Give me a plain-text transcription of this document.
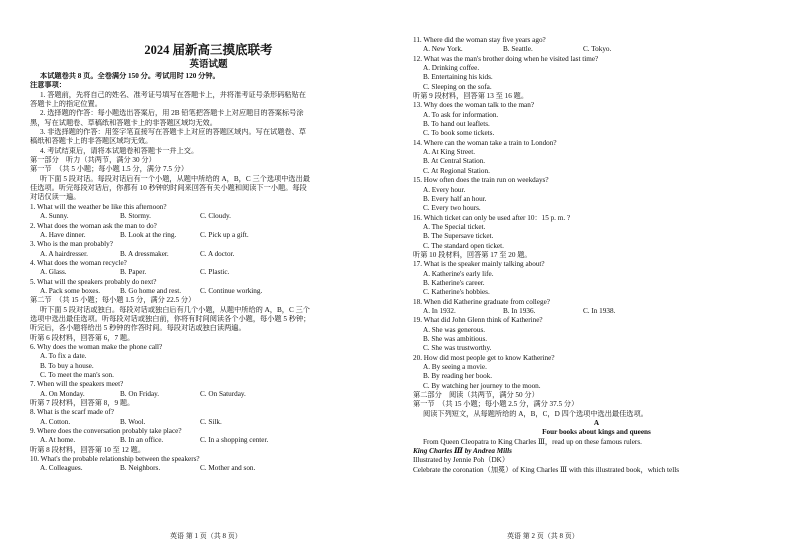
2024 届新高三摸底联考
英语试题
本试题卷共 8 页。全卷满分 150 分。考试用时 120 分钟。
注意事项：
1. 答题前，先将自己的姓名、准考证号填写在答题卡上，并将准考证号条形码粘贴在
答题卡上的指定位置。
2. 选择题的作答：每小题选出答案后，用 2B 铅笔把答题卡上对应题目的答案标号涂
黑，写在试题卷、草稿纸和答题卡上的非答题区域均无效。
3. 非选择题的作答：用签字笔直接写在答题卡上对应的答题区域内。写在试题卷、草
稿纸和答题卡上的非答题区域均无效。
4. 考试结束后，请将本试题卷和答题卡一并上交。
第一部分　听力（共两节，满分 30 分）
第一节　（共 5 小题；每小题 1.5 分，满分 7.5 分）
听下面 5 段对话。每段对话后有一个小题，从题中所给的 A，B，C 三个选项中选出最
佳选项。听完每段对话后，你都有 10 秒钟的时间来回答有关小题和阅读下一小题。每段
对话仅读一遍。
1. What will the weather be like this afternoon?
A. Sunny.	B. Stormy.	C. Cloudy.
2. What does the woman ask the man to do?
A. Have dinner.	B. Look at the ring.	C. Pick up a gift.
3. Who is the man probably?
A. A hairdresser.	B. A dressmaker.	C. A doctor.
4. What does the woman recycle?
A. Glass.	B. Paper.	C. Plastic.
5. What will the speakers probably do next?
A. Pack some boxes.	B. Go home and rest.	C. Continue working.
第二节　（共 15 小题；每小题 1.5 分，满分 22.5 分）
听下面 5 段对话或独白。每段对话或独白后有几个小题，从题中所给的 A，B，C 三个
选项中选出最佳选项。听每段对话或独白前，你将有时间阅读各个小题，每小题 5 秒钟；
听完后，各小题将给出 5 秒钟的作答时间。每段对话或独白读两遍。
听第 6 段材料，回答第 6，7 题。
6. Why does the woman make the phone call?
A. To fix a date.
B. To buy a house.
C. To meet the man's son.
7. When will the speakers meet?
A. On Monday.	B. On Friday.	C. On Saturday.
听第 7 段材料，回答第 8，9 题。
8. What is the scarf made of?
A. Cotton.	B. Wool.	C. Silk.
9. Where does the conversation probably take place?
A. At home.	B. In an office.	C. In a shopping center.
听第 8 段材料，回答第 10 至 12 题。
10. What's the probable relationship between the speakers?
A. Colleagues.	B. Neighbors.	C. Mother and son.
英语 第 1 页（共 8 页）
11. Where did the woman stay five years ago?
A. New York.	B. Seattle.	C. Tokyo.
12. What was the man's brother doing when he visited last time?
A. Drinking coffee.
B. Entertaining his kids.
C. Sleeping on the sofa.
听第 9 段材料，回答第 13 至 16 题。
13. Why does the woman talk to the man?
A. To ask for information.
B. To hand out leaflets.
C. To book some tickets.
14. Where can the woman take a train to London?
A. At King Street.
B. At Central Station.
C. At Regional Station.
15. How often does the train run on weekdays?
A. Every hour.
B. Every half an hour.
C. Every two hours.
16. Which ticket can only be used after 10：15 p. m. ?
A. The Special ticket.
B. The Supersave ticket.
C. The standard open ticket.
听第 10 段材料，回答第 17 至 20 题。
17. What is the speaker mainly talking about?
A. Katherine's early life.
B. Katherine's career.
C. Katherine's hobbies.
18. When did Katherine graduate from college?
A. In 1932.	B. In 1936.	C. In 1938.
19. What did John Glenn think of Katherine?
A. She was generous.
B. She was ambitious.
C. She was trustworthy.
20. How did most people get to know Katherine?
A. By seeing a movie.
B. By reading her book.
C. By watching her journey to the moon.
第二部分　阅读（共两节，满分 50 分）
第一节　（共 15 小题；每小题 2.5 分，满分 37.5 分）
阅读下列短文，从每题所给的 A，B，C，D 四个选项中选出最佳选项。
A
Four books about kings and queens
From Queen Cleopatra to King Charles Ⅲ，read up on these famous rulers.
King Charles Ⅲ by Andrea Mills
Illustrated by Jennie Poh（DK）
Celebrate the coronation（加冕）of King Charles Ⅲ with this illustrated book，which tells
英语 第 2 页（共 8 页）
